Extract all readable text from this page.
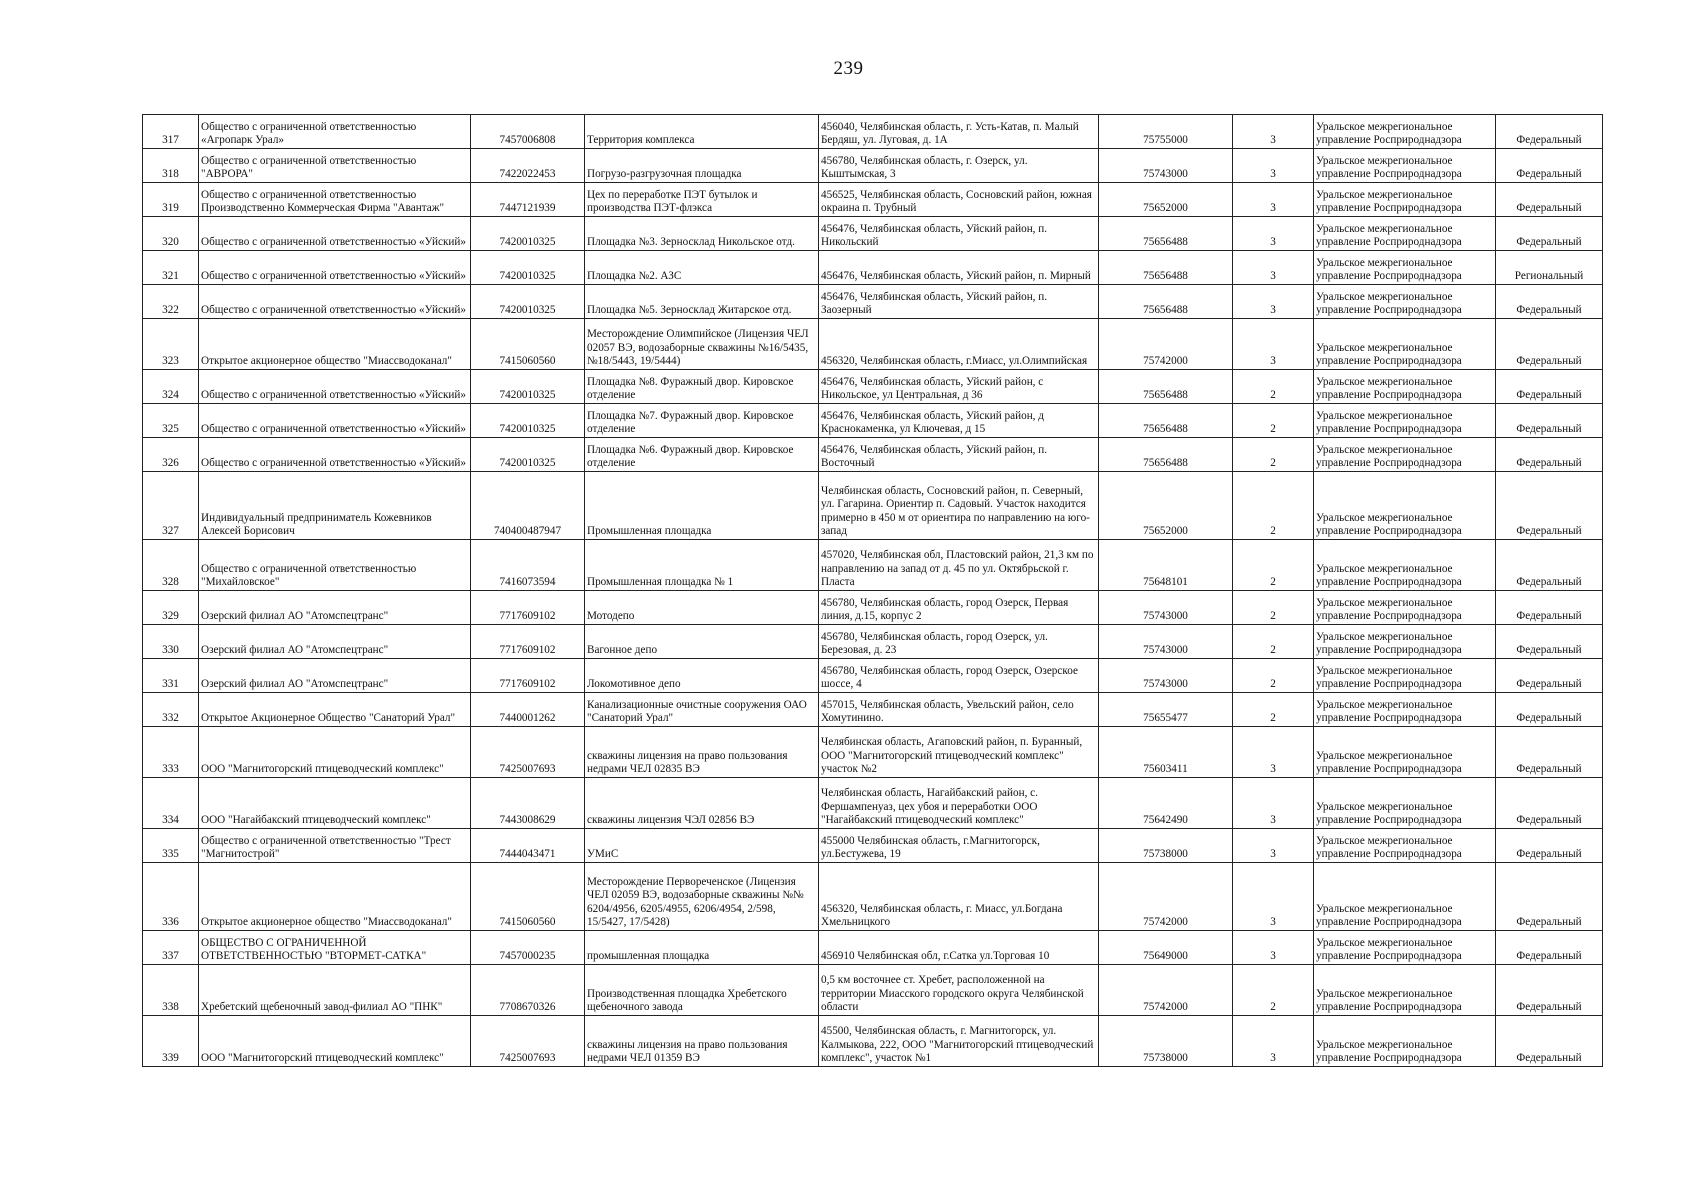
239
317	Общество с ограниченной ответственностью «Агропарк Урал»	7457006808	Территория комплекса	456040, Челябинская область, г. Усть-Катав, п. Малый Бердяш, ул. Луговая, д. 1А	75755000	3	Уральское межрегиональное управление Росприроднадзора	Федеральный
318	Общество с ограниченной ответственностью "АВРОРА"	7422022453	Погрузо-разгрузочная площадка	456780, Челябинская область, г. Озерск, ул. Кыштымская, 3	75743000	3	Уральское межрегиональное управление Росприроднадзора	Федеральный
319	Общество с ограниченной ответственностью Производственно Коммерческая Фирма "Авантаж"	7447121939	Цех по переработке ПЭТ бутылок и производства ПЭТ-флэкса	456525, Челябинская область, Сосновский район, южная окраина п. Трубный	75652000	3	Уральское межрегиональное управление Росприроднадзора	Федеральный
320	Общество с ограниченной ответственностью «Уйский»	7420010325	Площадка №3. Зерносклад Никольское отд.	456476, Челябинская область, Уйский район, п. Никольский	75656488	3	Уральское межрегиональное управление Росприроднадзора	Федеральный
321	Общество с ограниченной ответственностью «Уйский»	7420010325	Площадка №2. АЗС	456476, Челябинская область, Уйский район, п. Мирный	75656488	3	Уральское межрегиональное управление Росприроднадзора	Региональный
322	Общество с ограниченной ответственностью «Уйский»	7420010325	Площадка №5. Зерносклад Житарское отд.	456476, Челябинская область, Уйский район, п. Заозерный	75656488	3	Уральское межрегиональное управление Росприроднадзора	Федеральный
323	Открытое акционерное общество "Миассводоканал"	7415060560	Месторождение Олимпийское (Лицензия ЧЕЛ 02057 ВЭ, водозаборные скважины №16/5435, №18/5443, 19/5444)	456320, Челябинская область, г.Миасс, ул.Олимпийская	75742000	3	Уральское межрегиональное управление Росприроднадзора	Федеральный
324	Общество с ограниченной ответственностью «Уйский»	7420010325	Площадка №8. Фуражный двор. Кировское отделение	456476, Челябинская область, Уйский район, с Никольское, ул Центральная, д 36	75656488	2	Уральское межрегиональное управление Росприроднадзора	Федеральный
325	Общество с ограниченной ответственностью «Уйский»	7420010325	Площадка №7. Фуражный двор. Кировское отделение	456476, Челябинская область, Уйский район, д Краснокаменка, ул Ключевая, д 15	75656488	2	Уральское межрегиональное управление Росприроднадзора	Федеральный
326	Общество с ограниченной ответственностью «Уйский»	7420010325	Площадка №6. Фуражный двор. Кировское отделение	456476, Челябинская область, Уйский район, п. Восточный	75656488	2	Уральское межрегиональное управление Росприроднадзора	Федеральный
327	Индивидуальный предприниматель Кожевников Алексей Борисович	740400487947	Промышленная площадка	Челябинская область, Сосновский район, п. Северный, ул. Гагарина. Ориентир п. Садовый. Участок находится примерно в 450 м от ориентира по направлению на юго-запад	75652000	2	Уральское межрегиональное управление Росприроднадзора	Федеральный
328	Общество с ограниченной ответственностью "Михайловское"	7416073594	Промышленная площадка № 1	457020, Челябинская обл, Пластовский район, 21,3 км по направлению на запад от д. 45 по ул. Октябрьской г. Пласта	75648101	2	Уральское межрегиональное управление Росприроднадзора	Федеральный
329	Озерский филиал АО "Атомспецтранс"	7717609102	Мотодепо	456780, Челябинская область, город Озерск, Первая линия, д.15, корпус 2	75743000	2	Уральское межрегиональное управление Росприроднадзора	Федеральный
330	Озерский филиал АО "Атомспецтранс"	7717609102	Вагонное депо	456780, Челябинская область, город Озерск, ул. Березовая, д. 23	75743000	2	Уральское межрегиональное управление Росприроднадзора	Федеральный
331	Озерский филиал АО "Атомспецтранс"	7717609102	Локомотивное депо	456780, Челябинская область, город Озерск, Озерское шоссе, 4	75743000	2	Уральское межрегиональное управление Росприроднадзора	Федеральный
332	Открытое Акционерное Общество "Санаторий Урал"	7440001262	Канализационные очистные сооружения ОАО "Санаторий Урал"	457015, Челябинская область, Увельский район, село Хомутинино.	75655477	2	Уральское межрегиональное управление Росприроднадзора	Федеральный
333	ООО "Магнитогорский птицеводческий комплекс"	7425007693	скважины лицензия на право пользования недрами ЧЕЛ 02835 ВЭ	Челябинская область, Агаповский район, п. Буранный, ООО "Магнитогорский птицеводческий комплекс" участок №2	75603411	3	Уральское межрегиональное управление Росприроднадзора	Федеральный
334	ООО "Нагайбакский птицеводческий комплекс"	7443008629	скважины лицензия ЧЭЛ 02856 ВЭ	Челябинская область, Нагайбакский район, с. Фершампенуаз, цех убоя и переработки ООО "Нагайбакский птицеводческий комплекс"	75642490	3	Уральское межрегиональное управление Росприроднадзора	Федеральный
335	Общество с ограниченной ответственностью "Трест "Магнитострой"	7444043471	УМиС	455000 Челябинская область, г.Магнитогорск, ул.Бестужева, 19	75738000	3	Уральское межрегиональное управление Росприроднадзора	Федеральный
336	Открытое акционерное общество "Миассводоканал"	7415060560	Месторождение Первореченское (Лицензия ЧЕЛ 02059 ВЭ, водозаборные скважины №№ 6204/4956, 6205/4955, 6206/4954, 2/598, 15/5427, 17/5428)	456320, Челябинская область, г. Миасс, ул.Богдана Хмельницкого	75742000	3	Уральское межрегиональное управление Росприроднадзора	Федеральный
337	ОБЩЕСТВО С ОГРАНИЧЕННОЙ ОТВЕТСТВЕННОСТЬЮ "ВТОРМЕТ-САТКА"	7457000235	промышленная площадка	456910 Челябинская обл, г.Сатка ул.Торговая 10	75649000	3	Уральское межрегиональное управление Росприроднадзора	Федеральный
338	Хребетский щебеночный завод-филиал АО "ПНК"	7708670326	Производственная площадка Хребетского щебеночного завода	0,5 км восточнее ст. Хребет, расположенной на территории Миасского городского округа Челябинской области	75742000	2	Уральское межрегиональное управление Росприроднадзора	Федеральный
339	ООО "Магнитогорский птицеводческий комплекс"	7425007693	скважины лицензия на право пользования недрами ЧЕЛ 01359 ВЭ	45500, Челябинская область, г. Магнитогорск, ул. Калмыкова, 222, ООО "Магнитогорский птицеводческий комплекс", участок №1	75738000	3	Уральское межрегиональное управление Росприроднадзора	Федеральный
